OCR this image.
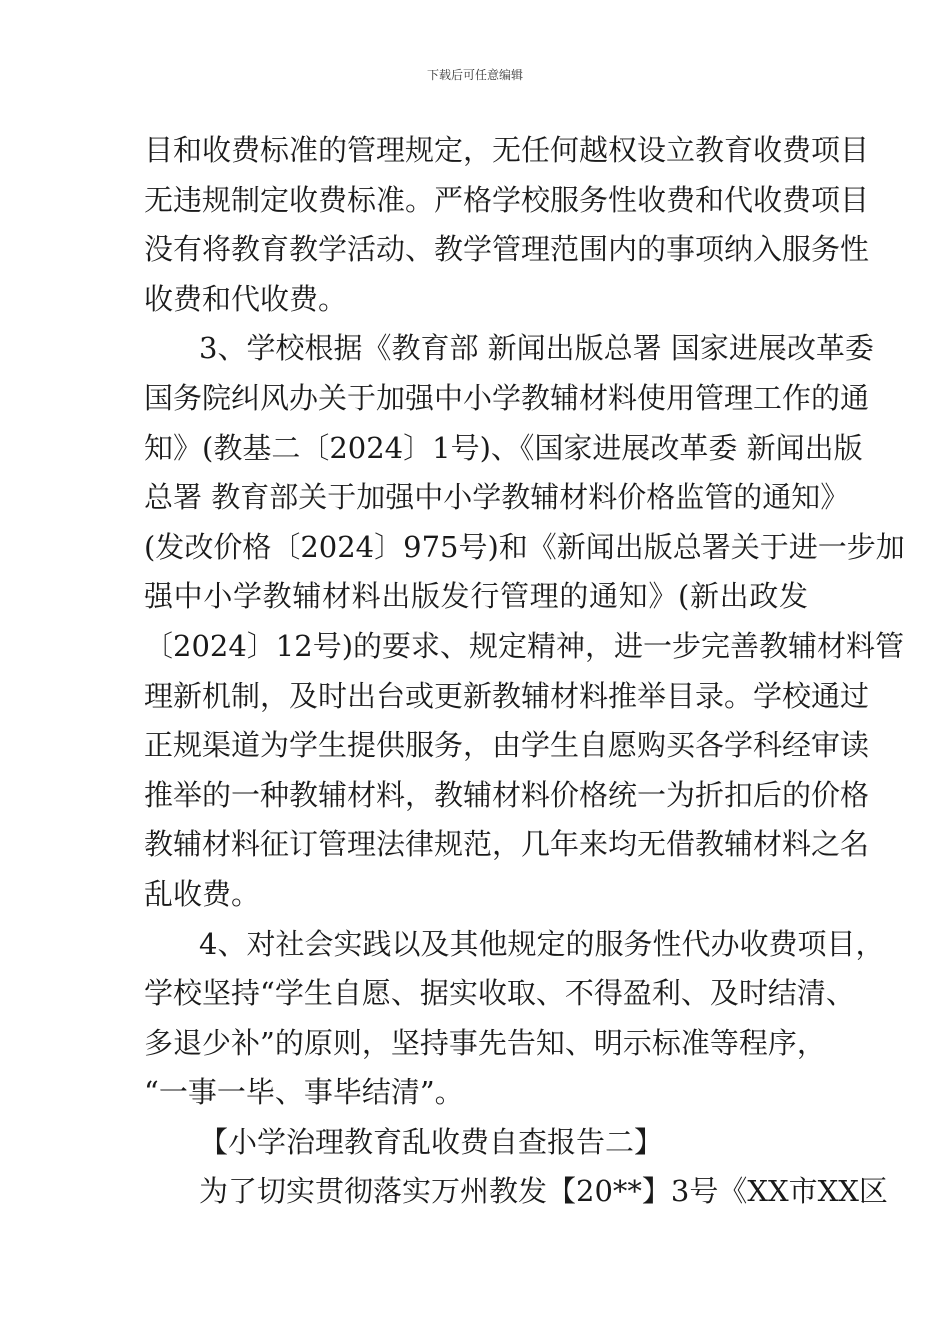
下载后可任意编辑
目和收费标准的管理规定，无任何越权设立教育收费项目
无违规制定收费标准。严格学校服务性收费和代收费项目
没有将教育教学活动、教学管理范围内的事项纳入服务性
收费和代收费。
3、学校根据《教育部 新闻出版总署 国家进展改革委
国务院纠风办关于加强中小学教辅材料使用管理工作的通
知》(教基二〔2024〕1号)、《国家进展改革委 新闻出版
总署 教育部关于加强中小学教辅材料价格监管的通知》
(发改价格〔2024〕975号)和《新闻出版总署关于进一步加
强中小学教辅材料出版发行管理的通知》(新出政发
〔2024〕12号)的要求、规定精神，进一步完善教辅材料管
理新机制，及时出台或更新教辅材料推举目录。学校通过
正规渠道为学生提供服务，由学生自愿购买各学科经审读
推举的一种教辅材料，教辅材料价格统一为折扣后的价格
教辅材料征订管理法律规范，几年来均无借教辅材料之名
乱收费。
4、对社会实践以及其他规定的服务性代办收费项目，
学校坚持“学生自愿、据实收取、不得盈利、及时结清、
多退少补”的原则，坚持事先告知、明示标准等程序，
“一事一毕、事毕结清”。
【小学治理教育乱收费自查报告二】
为了切实贯彻落实万州教发【20**】3号《XX市XX区
